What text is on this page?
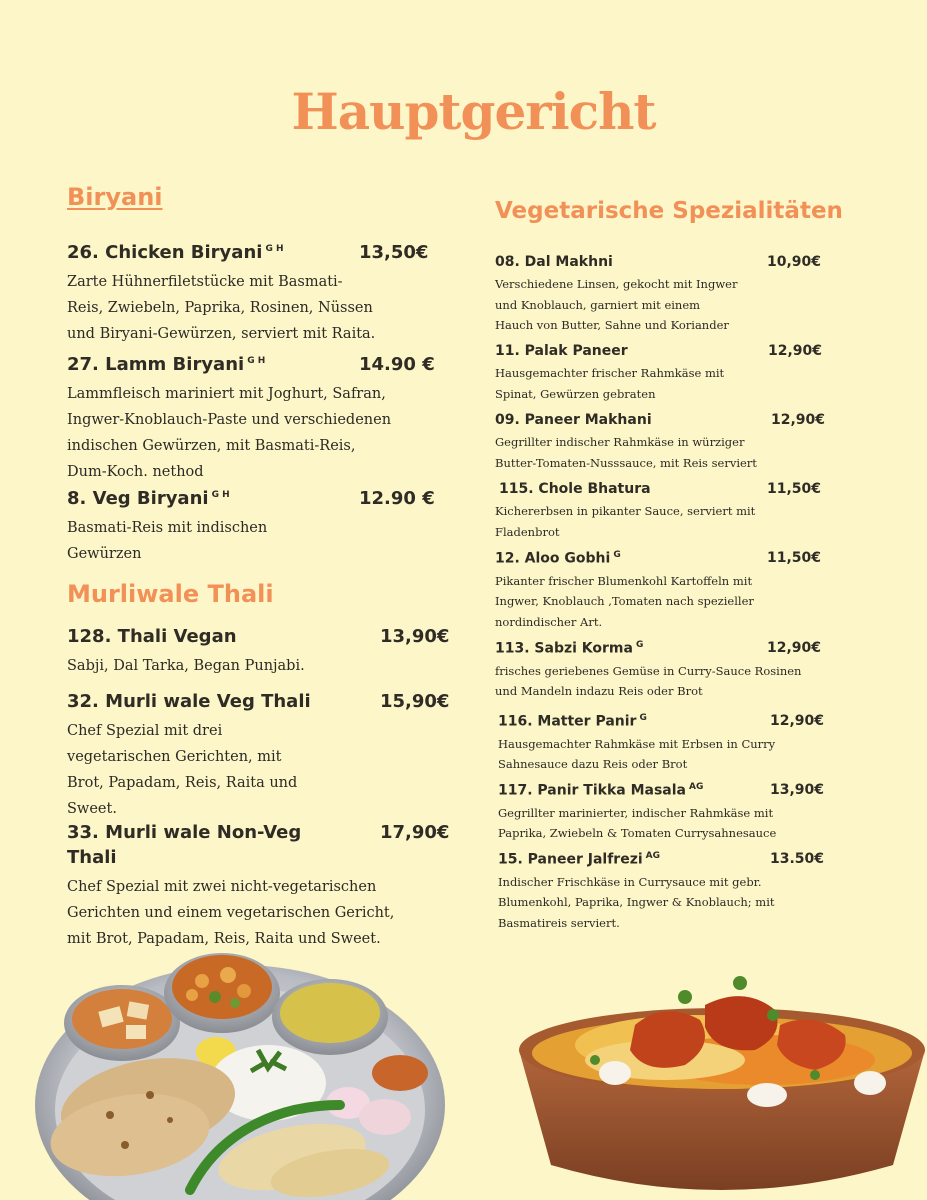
Hauptgericht
Biryani
Murliwale Thali
Vegetarische Spezialitäten
26. Chicken Biryani $^{G H}$	13,50€
Zarte Hühnerfiletstücke mit Basmati-
Reis, Zwiebeln, Paprika, Rosinen, Nüssen
und Biryani-Gewürzen, serviert mit Raita.
27. Lamm Biryani $^{G H}$	14.90 €
Lammfleisch mariniert mit Joghurt, Safran,
Ingwer-Knoblauch-Paste und verschiedenen
indischen Gewürzen, mit Basmati-Reis,
Dum-Koch. nethod
8. Veg Biryani $^{G H}$	12.90 €
Basmati-Reis mit indischen
Gewürzen
128. Thali Vegan	13,90€
Sabji, Dal Tarka, Began Punjabi.
32. Murli wale Veg Thali	15,90€
Chef Spezial mit drei
vegetarischen Gerichten, mit
Brot, Papadam, Reis, Raita und
Sweet.
33. Murli wale Non-Veg
Thali
17,90€
Chef Spezial mit zwei nicht-vegetarischen
Gerichten und einem vegetarischen Gericht,
mit Brot, Papadam, Reis, Raita und Sweet.
08. Dal Makhni	10,90€
Verschiedene Linsen, gekocht mit Ingwer
und Knoblauch, garniert mit einem
Hauch von Butter, Sahne und Koriander
11. Palak Paneer	12,90€
Hausgemachter frischer Rahmkäse mit
Spinat, Gewürzen gebraten
09. Paneer Makhani	12,90€
Gegrillter indischer Rahmkäse in würziger
Butter-Tomaten-Nusssauce, mit Reis serviert
115. Chole Bhatura	11,50€
Kichererbsen in pikanter Sauce, serviert mit
Fladenbrot
12. Aloo Gobhi $^G$	11,50€
Pikanter frischer Blumenkohl Kartoffeln mit
Ingwer, Knoblauch ,Tomaten nach spezieller
nordindischer Art.
113. Sabzi Korma $^G$	12,90€
frisches geriebenes Gemüse in Curry-Sauce Rosinen
und Mandeln indazu Reis oder Brot
116. Matter Panir $^G$	12,90€
Hausgemachter Rahmkäse mit Erbsen in Curry
Sahnesauce dazu Reis oder Brot
117. Panir Tikka Masala $^{AG}$	13,90€
Gegrillter marinierter, indischer Rahmkäse mit
Paprika, Zwiebeln & Tomaten Currysahnesauce
15. Paneer Jalfrezi $^{AG}$	13.50€
Indischer Frischkäse in Currysauce mit gebr.
Blumenkohl, Paprika, Ingwer & Knoblauch; mit
Basmatireis serviert.
